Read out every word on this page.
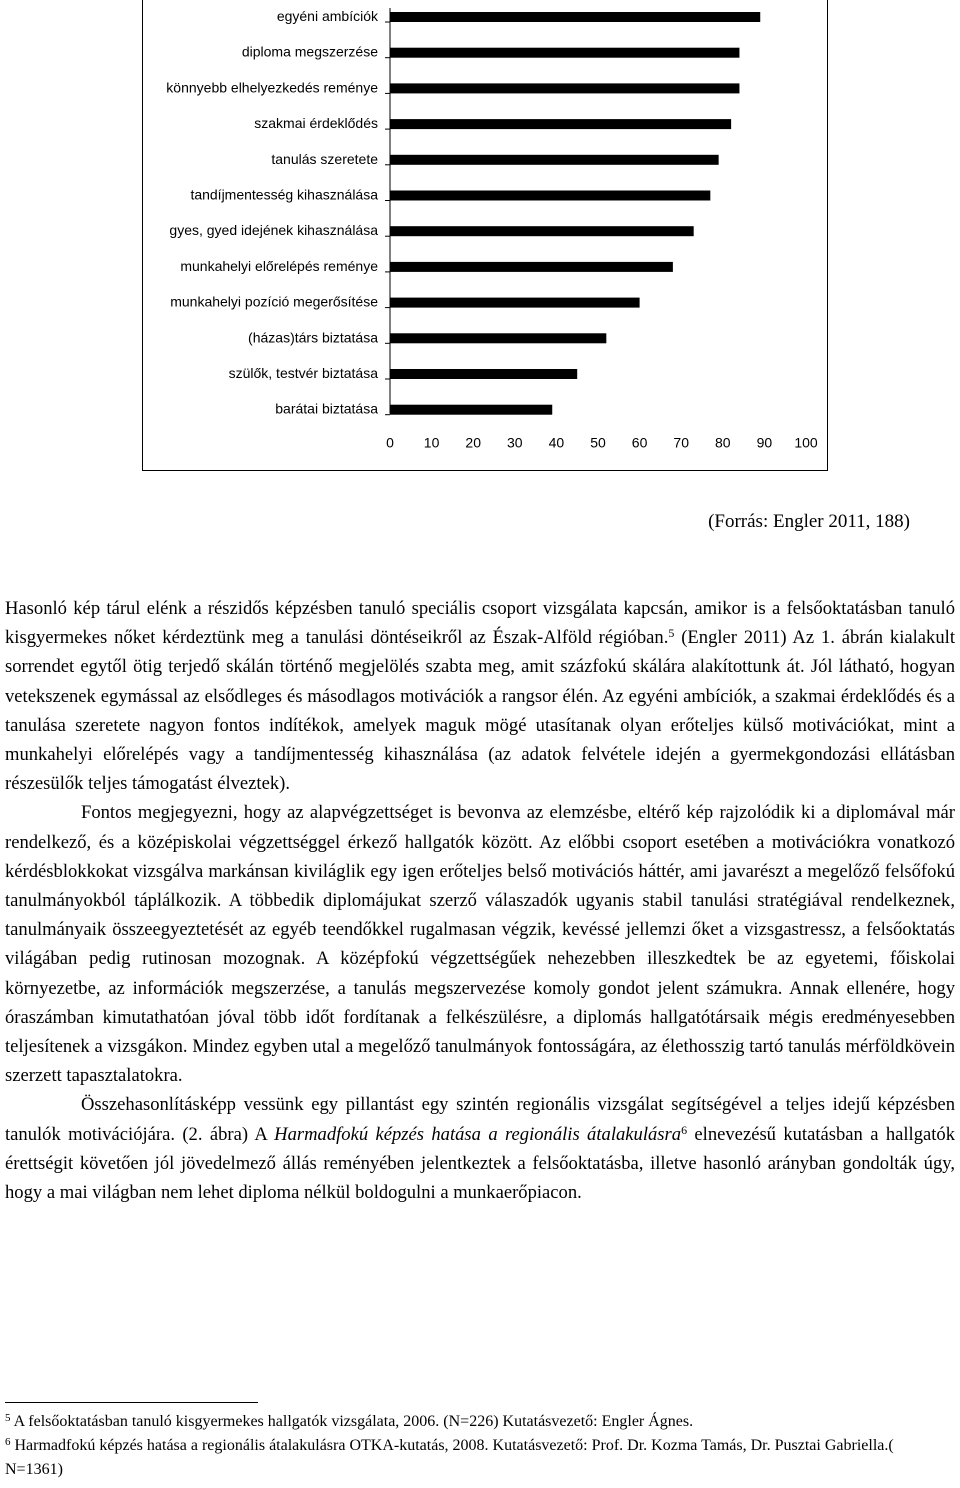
egyéni ambíciók
diploma megszerzése
könnyebb elhelyezkedés reménye
szakmai érdeklődés
tanulás szeretete
tandíjmentesség kihasználása
gyes, gyed idejének kihasználása
munkahelyi előrelépés reménye
munkahelyi pozíció megerősítése
(házas)társ biztatása
szülők, testvér biztatása
barátai biztatása
0 10 20 30 40 50 60 70 80 90 100
(Forrás: Engler 2011, 188)

Hasonló kép tárul elénk a részidős képzésben tanuló speciális csoport vizsgálata kapcsán, amikor is a felsőoktatásban tanuló kisgyermekes nőket kérdeztünk meg a tanulási döntéseikről az Észak-Alföld régióban.$^5$ (Engler 2011) Az 1. ábrán kialakult sorrendet egytől ötig terjedő skálán történő megjelölés szabta meg, amit százfokú skálára alakítottunk át. Jól látható, hogyan vetekszenek egymással az elsődleges és másodlagos motivációk a rangsor élén. Az egyéni ambíciók, a szakmai érdeklődés és a tanulása szeretete nagyon fontos indítékok, amelyek maguk mögé utasítanak olyan erőteljes külső motivációkat, mint a munkahelyi előrelépés vagy a tandíjmentesség kihasználása (az adatok felvétele idején a gyermekgondozási ellátásban részesülők teljes támogatást élveztek).

Fontos megjegyezni, hogy az alapvégzettséget is bevonva az elemzésbe, eltérő kép rajzolódik ki a diplomával már rendelkező, és a középiskolai végzettséggel érkező hallgatók között. Az előbbi csoport esetében a motivációkra vonatkozó kérdésblokkokat vizsgálva markánsan kiviláglik egy igen erőteljes belső motivációs háttér, ami javarészt a megelőző felsőfokú tanulmányokból táplálkozik. A többedik diplomájukat szerző válaszadók ugyanis stabil tanulási stratégiával rendelkeznek, tanulmányaik összeegyeztetését az egyéb teendőkkel rugalmasan végzik, kevéssé jellemzi őket a vizsgastressz, a felsőoktatás világában pedig rutinosan mozognak. A középfokú végzettségűek nehezebben illeszkedtek be az egyetemi, főiskolai környezetbe, az információk megszerzése, a tanulás megszervezése komoly gondot jelent számukra. Annak ellenére, hogy óraszámban kimutathatóan jóval több időt fordítanak a felkészülésre, a diplomás hallgatótársaik mégis eredményesebben teljesítenek a vizsgákon. Mindez egyben utal a megelőző tanulmányok fontosságára, az élethosszig tartó tanulás mérföldkövein szerzett tapasztalatokra.

Összehasonlításképp vessünk egy pillantást egy szintén regionális vizsgálat segítségével a teljes idejű képzésben tanulók motivációjára. (2. ábra) A Harmadfokú képzés hatása a regionális átalakulásra$^6$ elnevezésű kutatásban a hallgatók érettségit követően jól jövedelmező állás reményében jelentkeztek a felsőoktatásba, illetve hasonló arányban gondolták úgy, hogy a mai világban nem lehet diploma nélkül boldogulni a munkaerőpiacon.

$^5$ A felsőoktatásban tanuló kisgyermekes hallgatók vizsgálata, 2006. (N=226) Kutatásvezető: Engler Ágnes.

$^6$ Harmadfokú képzés hatása a regionális átalakulásra OTKA-kutatás, 2008. Kutatásvezető: Prof. Dr. Kozma Tamás, Dr. Pusztai Gabriella.( N=1361)
